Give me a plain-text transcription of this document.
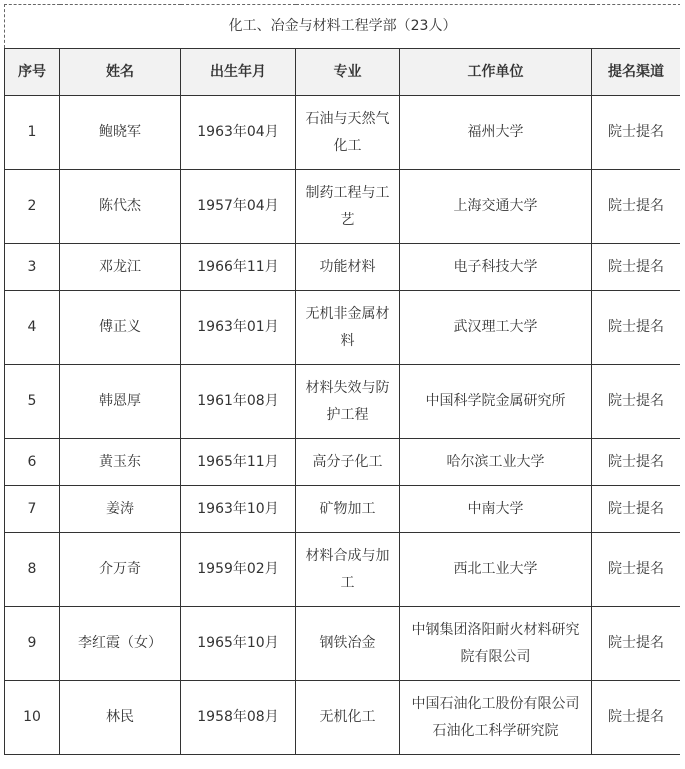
化工、冶金与材料工程学部（23人）					
序号	姓名	出生年月	专业	工作单位	提名渠道
1	鲍晓军	1963年04月	石油与天然气化工	福州大学	院士提名
2	陈代杰	1957年04月	制药工程与工艺	上海交通大学	院士提名
3	邓龙江	1966年11月	功能材料	电子科技大学	院士提名
4	傅正义	1963年01月	无机非金属材料	武汉理工大学	院士提名
5	韩恩厚	1961年08月	材料失效与防护工程	中国科学院金属研究所	院士提名
6	黄玉东	1965年11月	高分子化工	哈尔滨工业大学	院士提名
7	姜涛	1963年10月	矿物加工	中南大学	院士提名
8	介万奇	1959年02月	材料合成与加工	西北工业大学	院士提名
9	李红霞（女）	1965年10月	钢铁冶金	中钢集团洛阳耐火材料研究院有限公司	院士提名
10	林民	1958年08月	无机化工	中国石油化工股份有限公司石油化工科学研究院	院士提名
